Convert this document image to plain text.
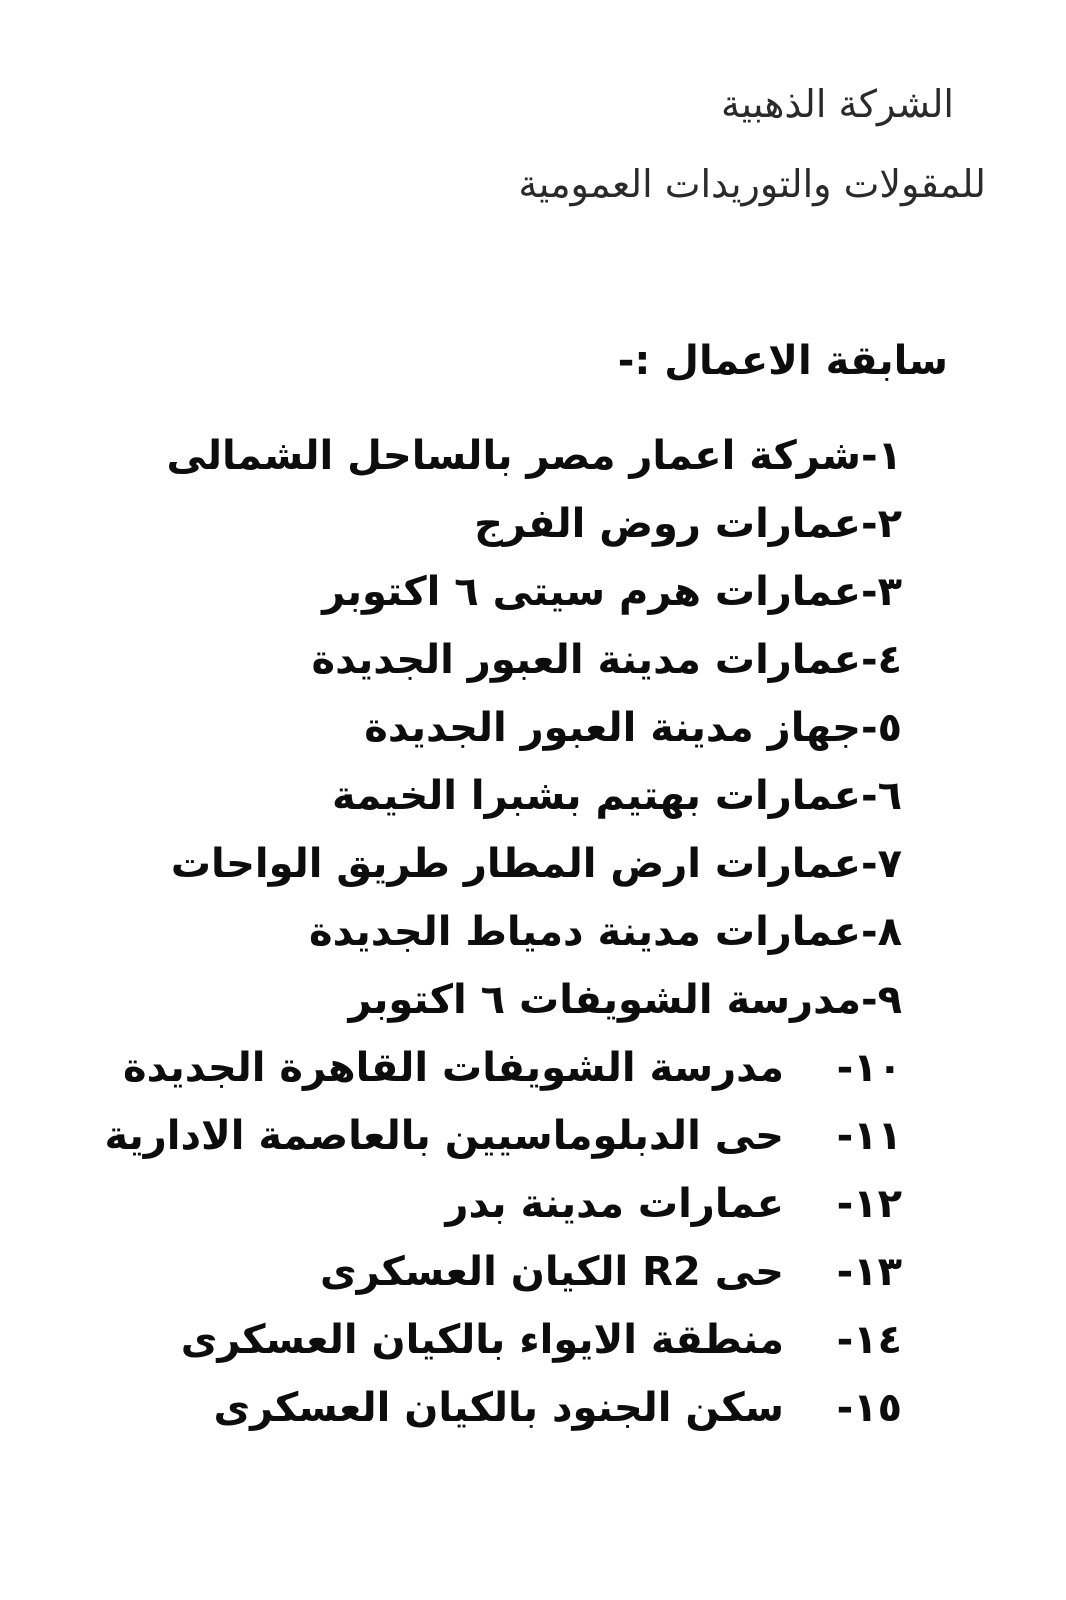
الشركة الذهبية
للمقولات والتوريدات العمومية
سابقة الاعمال :-
١-
شركة اعمار مصر بالساحل الشمالى
٢-
عمارات روض الفرج
٣-
عمارات هرم سيتى ٦ اكتوبر
٤-
عمارات مدينة العبور الجديدة
٥-
جهاز مدينة العبور الجديدة
٦-
عمارات بهتيم بشبرا الخيمة
٧-
عمارات ارض المطار طريق الواحات
٨-
عمارات مدينة دمياط الجديدة
٩-
مدرسة الشويفات ٦ اكتوبر
١٠-
مدرسة الشويفات القاهرة الجديدة
١١-
حى الدبلوماسيين بالعاصمة الادارية
١٢-
عمارات مدينة بدر
١٣-
حى R2 الكيان العسكرى
١٤-
منطقة الايواء بالكيان العسكرى
١٥-
سكن الجنود بالكيان العسكرى
